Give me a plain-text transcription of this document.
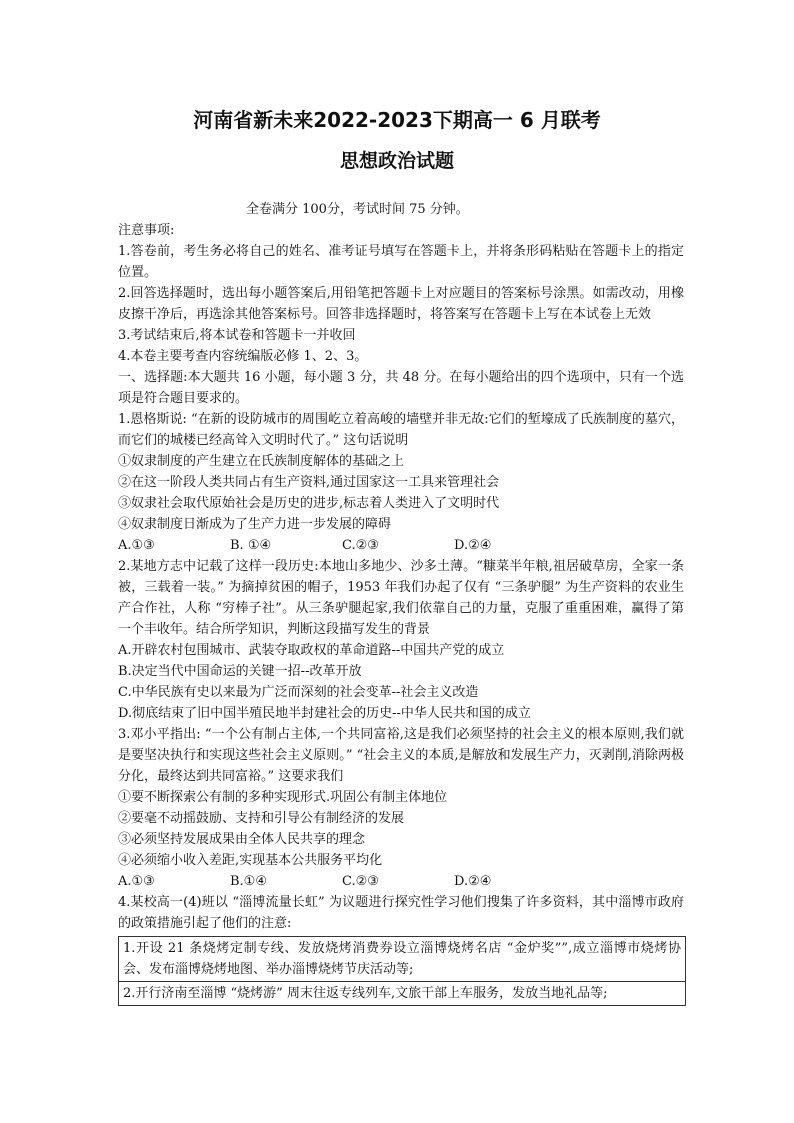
河南省新未来2022-2023下期高一 6 月联考
思想政治试题

全卷满分 100分，考试时间 75 分钟。

注意事项:

1.答卷前，考生务必将自己的姓名、准考证号填写在答题卡上，并将条形码粘贴在答题卡上的指定位置。

2.回答选择题时，选出每小题答案后,用铅笔把答题卡上对应题目的答案标号涂黑。如需改动，用橡皮擦干净后，再选涂其他答案标号。回答非选择题时，将答案写在答题卡上写在本试卷上无效

3.考试结束后,将本试卷和答题卡一并收回

4.本卷主要考查内容统编版必修 1、2、3。

一、选择题:本大题共 16 小题，每小题 3 分，共 48 分。在每小题给出的四个选项中，只有一个选项是符合题目要求的。

1.恩格斯说: “在新的设防城市的周围屹立着高峻的墙壁并非无故:它们的堑壕成了氏族制度的墓穴，而它们的城楼已经高耸入文明时代了。” 这句话说明

①奴隶制度的产生建立在氏族制度解体的基础之上

②在这一阶段人类共同占有生产资料,通过国家这一工具来管理社会

③奴隶社会取代原始社会是历史的进步,标志着人类进入了文明时代

④奴隶制度日渐成为了生产力进一步发展的障碍

A.①③	B. ①④	C.②③	D.②④

2.某地方志中记载了这样一段历史:本地山多地少、沙多土薄。“糠菜半年粮,祖居破草房，全家一条被，三载着一装。” 为摘掉贫困的帽子，1953 年我们办起了仅有 “三条驴腿” 为生产资料的农业生产合作社，人称 “穷棒子社”。从三条驴腿起家,我们依靠自己的力量，克服了重重困难，赢得了第一个丰收年。结合所学知识，判断这段描写发生的背景

A.开辟农村包围城市、武装夺取政权的革命道路--中国共产党的成立

B.决定当代中国命运的关键一招--改革开放

C.中华民族有史以来最为广泛而深刻的社会变革--社会主义改造

D.彻底结束了旧中国半殖民地半封建社会的历史--中华人民共和国的成立

3.邓小平指出: “一个公有制占主体,一个共同富裕,这是我们必须坚持的社会主义的根本原则,我们就是要坚决执行和实现这些社会主义原则。” “社会主义的本质,是解放和发展生产力，灭剥削,消除两极分化，最终达到共同富裕。” 这要求我们

①要不断探索公有制的多种实现形式.巩固公有制主体地位

②要毫不动摇鼓励、支持和引导公有制经济的发展

③必须坚持发展成果由全体人民共享的理念

④必须缩小收入差距,实现基本公共服务平均化

A.①③	B.①④	C.②③	D.②④

4.某校高一(4)班以 “淄博流量长虹” 为议题进行探究性学习他们搜集了许多资料，其中淄博市政府的政策措施引起了他们的注意:

1.开设 21 条烧烤定制专线、发放烧烤消费券设立淄博烧烤名店 “金炉奖””,成立淄博市烧烤协会、发布淄博烧烤地图、举办淄博烧烤节庆活动等;
2.开行济南至淄博 “烧烤游” 周末往返专线列车,文旅干部上车服务，发放当地礼品等;
